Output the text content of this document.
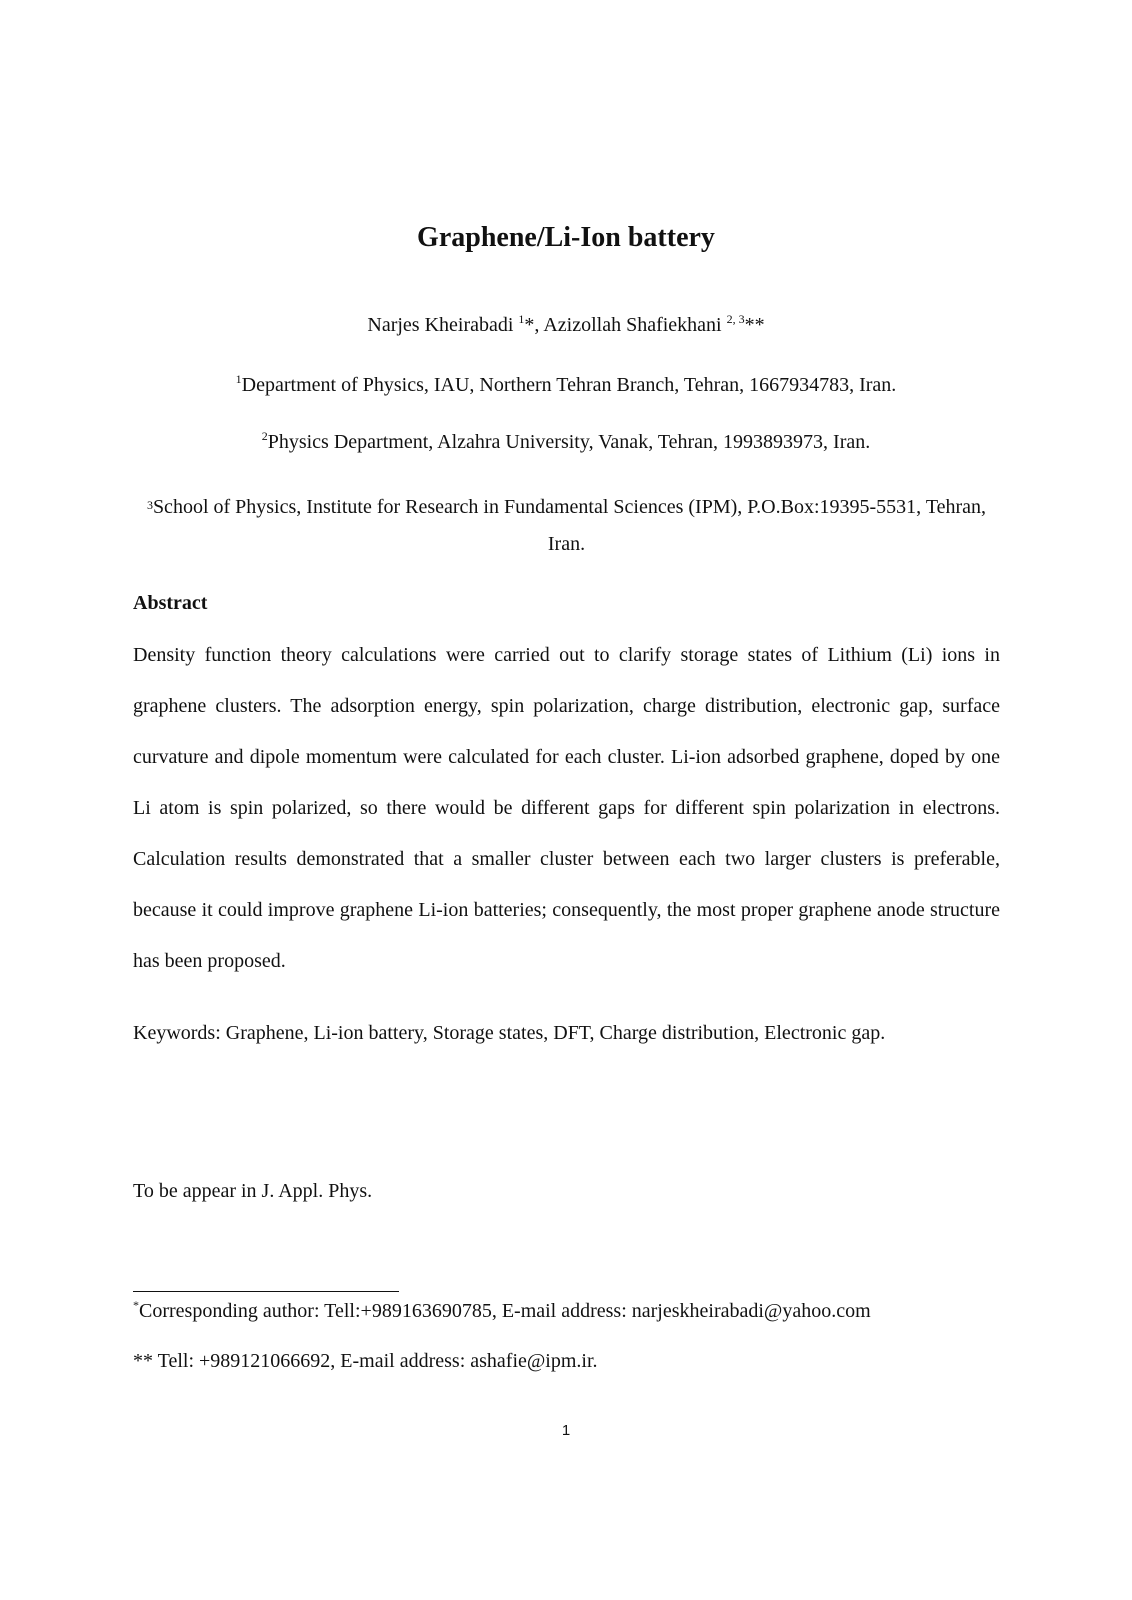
Graphene/Li-Ion battery
Narjes Kheirabadi $^1$*, Azizollah Shafiekhani $^{2, 3}$**
$^1$Department of Physics, IAU, Northern Tehran Branch, Tehran, 1667934783, Iran.
$^2$Physics Department, Alzahra University, Vanak, Tehran, 1993893973, Iran.
$^3$School of Physics, Institute for Research in Fundamental Sciences (IPM), P.O.Box:19395-5531, Tehran, Iran.
Abstract
Density function theory calculations were carried out to clarify storage states of Lithium (Li) ions in graphene clusters. The adsorption energy, spin polarization, charge distribution, electronic gap, surface curvature and dipole momentum were calculated for each cluster. Li-ion adsorbed graphene, doped by one Li atom is spin polarized, so there would be different gaps for different spin polarization in electrons. Calculation results demonstrated that a smaller cluster between each two larger clusters is preferable, because it could improve graphene Li-ion batteries; consequently, the most proper graphene anode structure has been proposed.
Keywords: Graphene, Li-ion battery, Storage states, DFT, Charge distribution, Electronic gap.
To be appear in J. Appl. Phys.
*Corresponding author: Tell:+989163690785, E-mail address: narjeskheirabadi@yahoo.com
** Tell: +989121066692, E-mail address: ashafie@ipm.ir.
1
